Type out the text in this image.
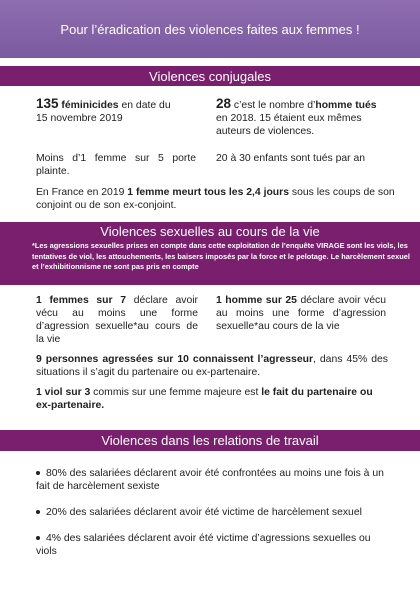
Pour l’éradication des violences faites aux femmes !
Violences conjugales
135 féminicides en date du
15 novembre 2019
28 c’est le nombre d’homme tués
en 2018. 15 étaient eux mêmes
auteurs de violences.
Moins d’1 femme sur 5 porte plainte.
20 à 30 enfants sont tués par an
En France en 2019 1 femme meurt tous les 2,4 jours sous les coups de son conjoint ou de son ex-conjoint.
Violences sexuelles au cours de la vie
*Les agressions sexuelles prises en compte dans cette exploitation de l’enquête VIRAGE sont les viols, les tentatives de viol, les attouchements, les baisers imposés par la force et le pelotage. Le harcèlement sexuel et l’exhibitionnisme ne sont pas pris en compte
1 femmes sur 7 déclare avoir vécu au moins une forme d’agression sexuelle*au cours de la vie
1 homme sur 25 déclare avoir vécu au moins une forme d’agression sexuelle*au cours de la vie
9 personnes agressées sur 10 connaissent l’agresseur, dans 45% des situations il s’agit du partenaire ou ex-partenaire.
1 viol sur 3 commis sur une femme majeure est le fait du partenaire ou ex-partenaire.
Violences dans les relations de travail
80% des salariées déclarent avoir été confrontées au moins une fois à un fait de harcèlement sexiste
20% des salariées déclarent avoir été victime de harcèlement sexuel
4% des salariées déclarent avoir été victime d’agressions sexuelles ou viols
